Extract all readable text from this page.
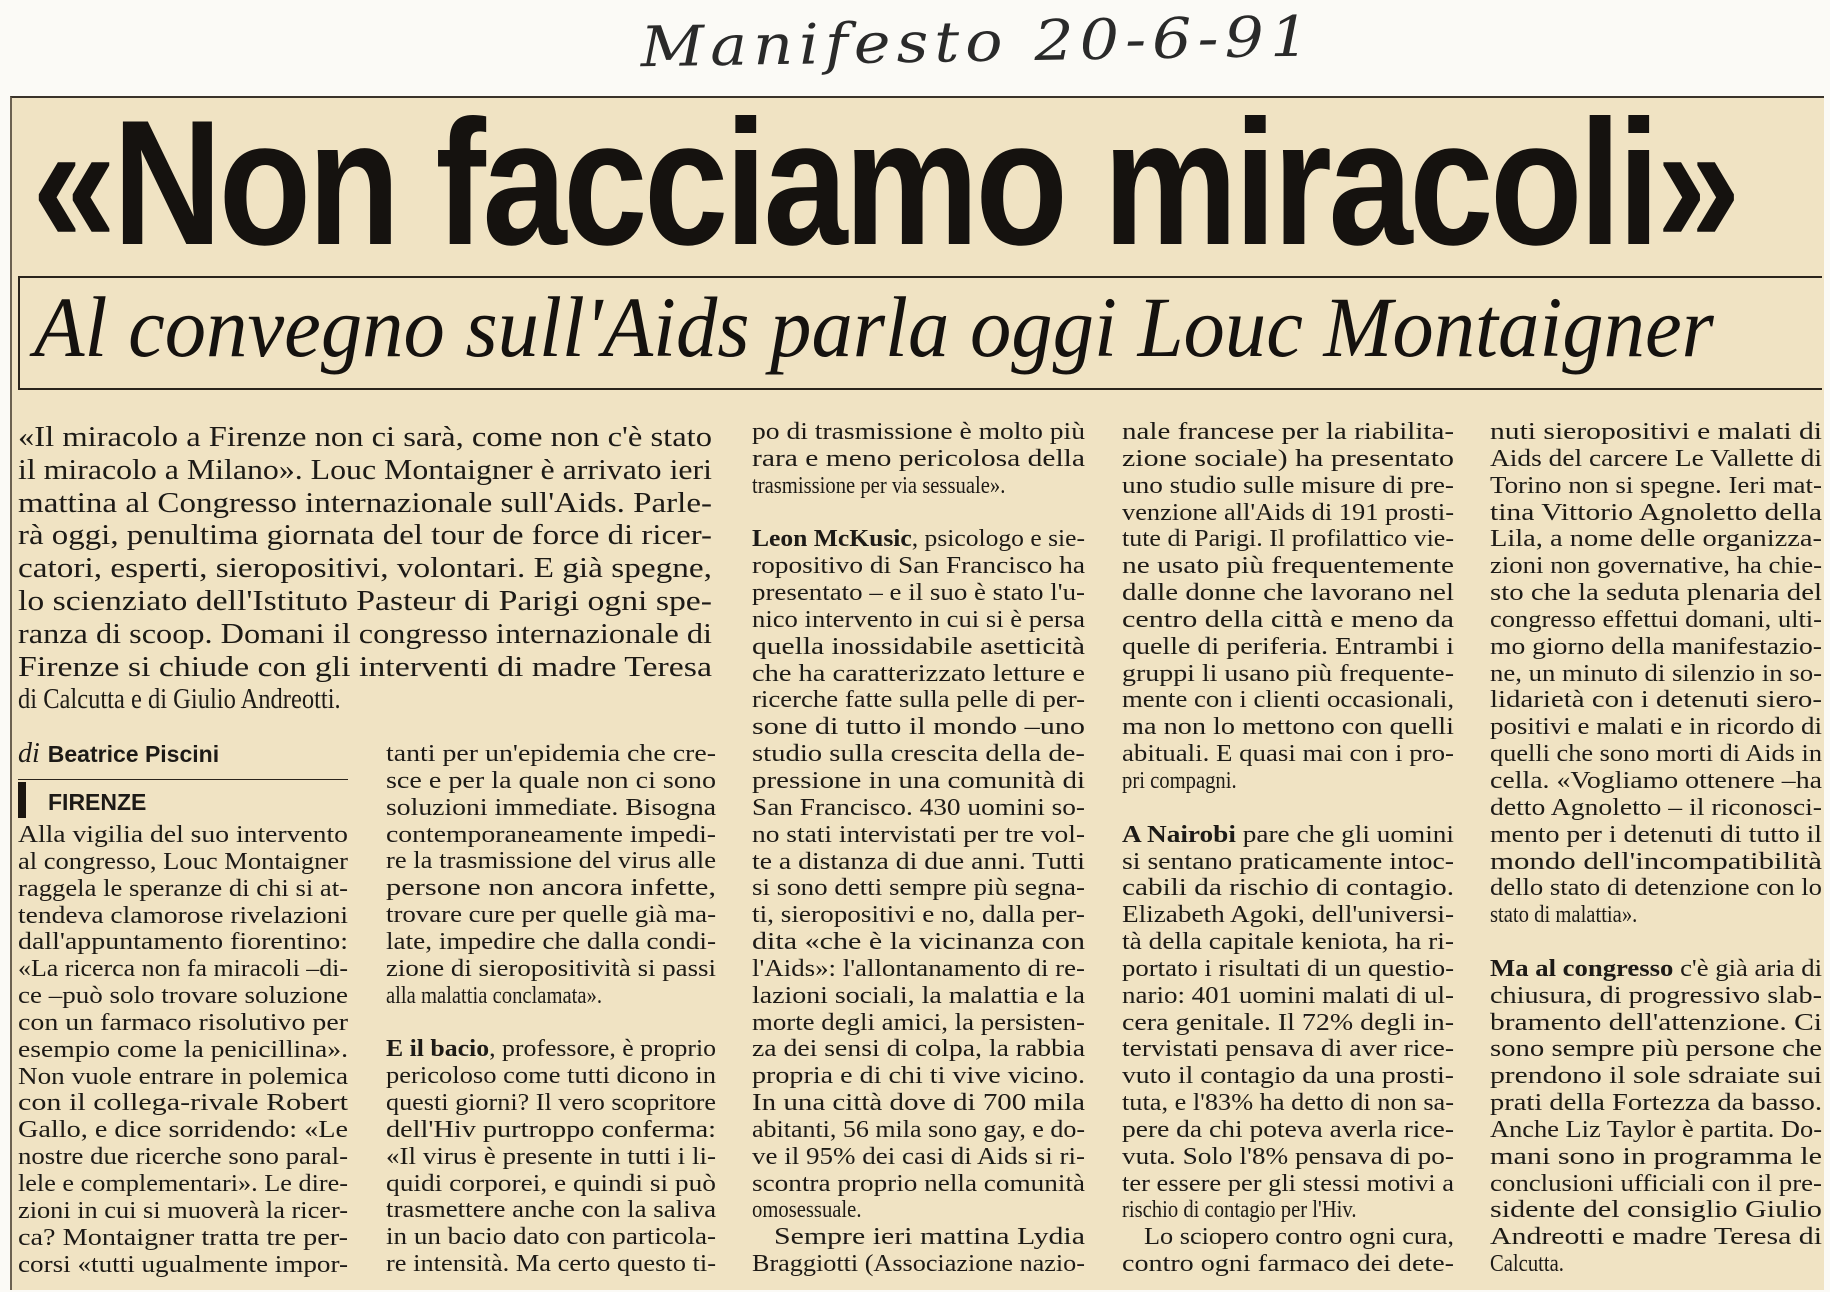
Manifesto 20-6-91
«Non facciamo miracoli»
Al convegno sull'Aids parla oggi Louc Montaigner
«Il miracolo a Firenze non ci sarà, come non c'è stato
il miracolo a Milano». Louc Montaigner è arrivato ieri
mattina al Congresso internazionale sull'Aids. Parle-
rà oggi, penultima giornata del tour de force di ricer-
catori, esperti, sieropositivi, volontari. E già spegne,
lo scienziato dell'Istituto Pasteur di Parigi ogni spe-
ranza di scoop. Domani il congresso internazionale di
Firenze si chiude con gli interventi di madre Teresa
di Calcutta e di Giulio Andreotti.
di Beatrice Piscini
FIRENZE
Alla vigilia del suo intervento
al congresso, Louc Montaigner
raggela le speranze di chi si at-
tendeva clamorose rivelazioni
dall'appuntamento fiorentino:
«La ricerca non fa miracoli –di-
ce –può solo trovare soluzione
con un farmaco risolutivo per
esempio come la penicillina».
Non vuole entrare in polemica
con il collega-rivale Robert
Gallo, e dice sorridendo: «Le
nostre due ricerche sono paral-
lele e complementari». Le dire-
zioni in cui si muoverà la ricer-
ca? Montaigner tratta tre per-
corsi «tutti ugualmente impor-
tanti per un'epidemia che cre-
sce e per la quale non ci sono
soluzioni immediate. Bisogna
contemporaneamente impedi-
re la trasmissione del virus alle
persone non ancora infette,
trovare cure per quelle già ma-
late, impedire che dalla condi-
zione di sieropositività si passi
alla malattia conclamata».
E il bacio, professore, è proprio
pericoloso come tutti dicono in
questi giorni? Il vero scopritore
dell'Hiv purtroppo conferma:
«Il virus è presente in tutti i li-
quidi corporei, e quindi si può
trasmettere anche con la saliva
in un bacio dato con particola-
re intensità. Ma certo questo ti-
po di trasmissione è molto più
rara e meno pericolosa della
trasmissione per via sessuale».
Leon McKusic, psicologo e sie-
ropositivo di San Francisco ha
presentato – e il suo è stato l'u-
nico intervento in cui si è persa
quella inossidabile asetticità
che ha caratterizzato letture e
ricerche fatte sulla pelle di per-
sone di tutto il mondo –uno
studio sulla crescita della de-
pressione in una comunità di
San Francisco. 430 uomini so-
no stati intervistati per tre vol-
te a distanza di due anni. Tutti
si sono detti sempre più segna-
ti, sieropositivi e no, dalla per-
dita «che è la vicinanza con
l'Aids»: l'allontanamento di re-
lazioni sociali, la malattia e la
morte degli amici, la persisten-
za dei sensi di colpa, la rabbia
propria e di chi ti vive vicino.
In una città dove di 700 mila
abitanti, 56 mila sono gay, e do-
ve il 95% dei casi di Aids si ri-
scontra proprio nella comunità
omosessuale.
Sempre ieri mattina Lydia
Braggiotti (Associazione nazio-
nale francese per la riabilita-
zione sociale) ha presentato
uno studio sulle misure di pre-
venzione all'Aids di 191 prosti-
tute di Parigi. Il profilattico vie-
ne usato più frequentemente
dalle donne che lavorano nel
centro della città e meno da
quelle di periferia. Entrambi i
gruppi li usano più frequente-
mente con i clienti occasionali,
ma non lo mettono con quelli
abituali. E quasi mai con i pro-
pri compagni.
A Nairobi pare che gli uomini
si sentano praticamente intoc-
cabili da rischio di contagio.
Elizabeth Agoki, dell'universi-
tà della capitale keniota, ha ri-
portato i risultati di un questio-
nario: 401 uomini malati di ul-
cera genitale. Il 72% degli in-
tervistati pensava di aver rice-
vuto il contagio da una prosti-
tuta, e l'83% ha detto di non sa-
pere da chi poteva averla rice-
vuta. Solo l'8% pensava di po-
ter essere per gli stessi motivi a
rischio di contagio per l'Hiv.
Lo sciopero contro ogni cura,
contro ogni farmaco dei dete-
nuti sieropositivi e malati di
Aids del carcere Le Vallette di
Torino non si spegne. Ieri mat-
tina Vittorio Agnoletto della
Lila, a nome delle organizza-
zioni non governative, ha chie-
sto che la seduta plenaria del
congresso effettui domani, ulti-
mo giorno della manifestazio-
ne, un minuto di silenzio in so-
lidarietà con i detenuti siero-
positivi e malati e in ricordo di
quelli che sono morti di Aids in
cella. «Vogliamo ottenere –ha
detto Agnoletto – il riconosci-
mento per i detenuti di tutto il
mondo dell'incompatibilità
dello stato di detenzione con lo
stato di malattia».
Ma al congresso c'è già aria di
chiusura, di progressivo slab-
bramento dell'attenzione. Ci
sono sempre più persone che
prendono il sole sdraiate sui
prati della Fortezza da basso.
Anche Liz Taylor è partita. Do-
mani sono in programma le
conclusioni ufficiali con il pre-
sidente del consiglio Giulio
Andreotti e madre Teresa di
Calcutta.
